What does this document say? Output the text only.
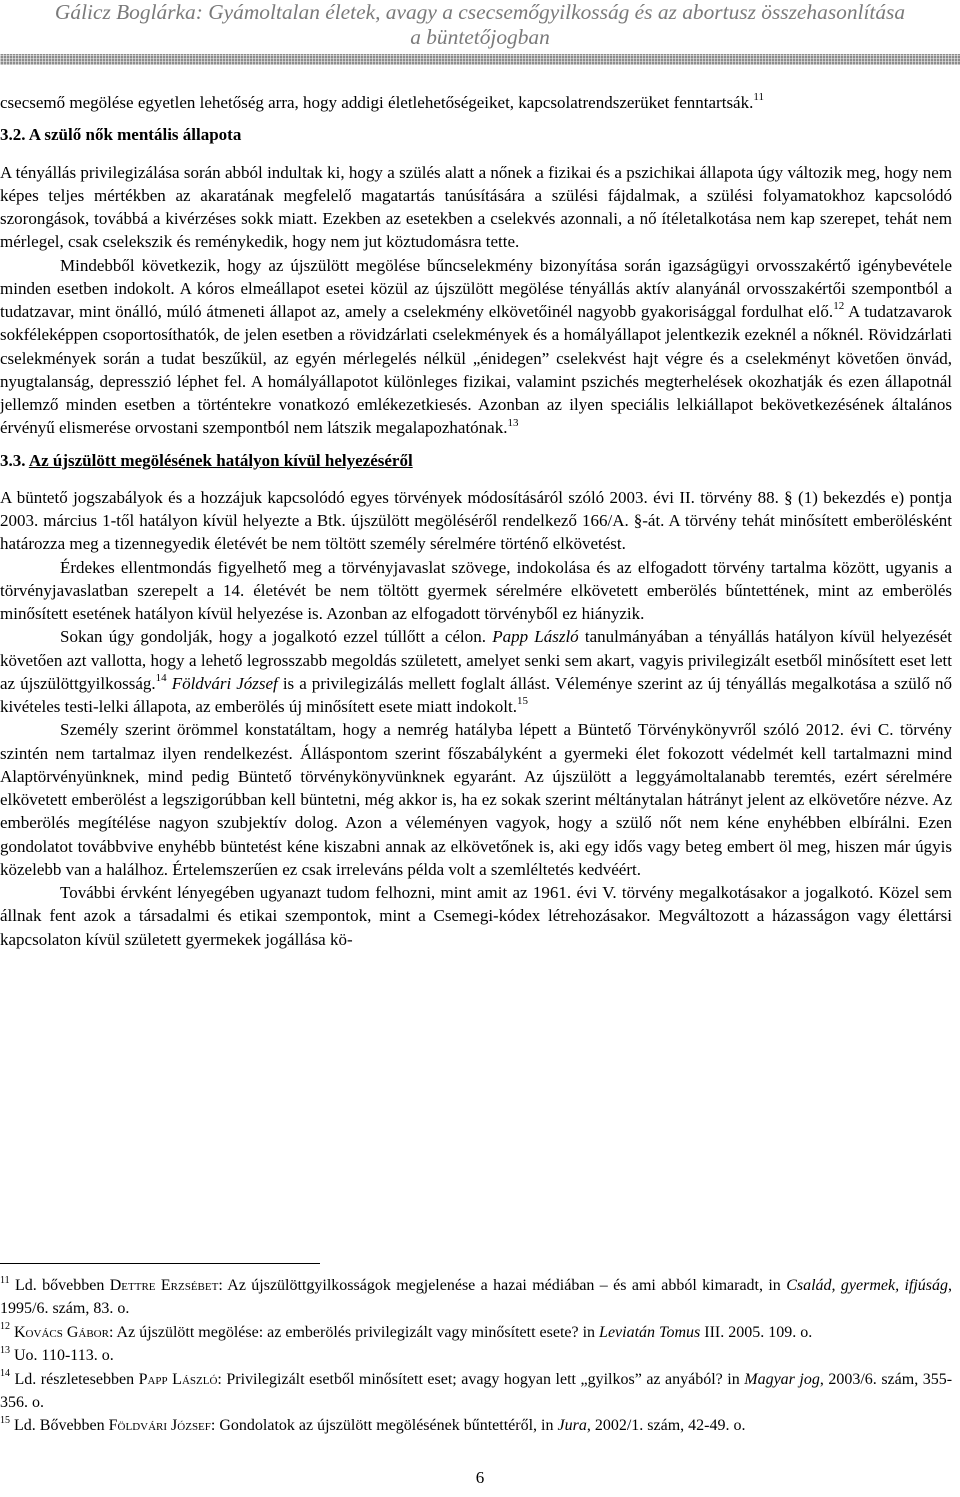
Gálicz Boglárka: Gyámoltalan életek, avagy a csecsemőgyilkosság és az abortusz összehasonlítása
a büntetőjogban

csecsemő megölése egyetlen lehetőség arra, hogy addigi életlehetőségeiket, kapcsolatrendszerüket fenntartsák.$^{11}$

3.2. A szülő nők mentális állapota

A tényállás privilegizálása során abból indultak ki, hogy a szülés alatt a nőnek a fizikai és a pszichikai állapota úgy változik meg, hogy nem képes teljes mértékben az akaratának megfelelő magatartás tanúsítására a szülési fájdalmak, a szülési folyamatokhoz kapcsolódó szorongások, továbbá a kivérzéses sokk miatt. Ezekben az esetekben a cselekvés azonnali, a nő ítéletalkotása nem kap szerepet, tehát nem mérlegel, csak cselekszik és reménykedik, hogy nem jut köztudomásra tette.

Mindebből következik, hogy az újszülött megölése bűncselekmény bizonyítása során igazságügyi orvosszakértő igénybevétele minden esetben indokolt. A kóros elmeállapot esetei közül az újszülött megölése tényállás aktív alanyánál orvosszakértői szempontból a tudatzavar, mint önálló, múló átmeneti állapot az, amely a cselekmény elkövetőinél nagyobb gyakorisággal fordulhat elő.$^{12}$ A tudatzavarok sokféleképpen csoportosíthatók, de jelen esetben a rövidzárlati cselekmények és a homályállapot jelentkezik ezeknél a nőknél. Rövidzárlati cselekmények során a tudat beszűkül, az egyén mérlegelés nélkül „énidegen” cselekvést hajt végre és a cselekményt követően önvád, nyugtalanság, depresszió léphet fel. A homályállapotot különleges fizikai, valamint pszichés megterhelések okozhatják és ezen állapotnál jellemző minden esetben a történtekre vonatkozó emlékezetkiesés. Azonban az ilyen speciális lelkiállapot bekövetkezésének általános érvényű elismerése orvostani szempontból nem látszik megalapozhatónak.$^{13}$

3.3. Az újszülött megölésének hatályon kívül helyezéséről

A büntető jogszabályok és a hozzájuk kapcsolódó egyes törvények módosításáról szóló 2003. évi II. törvény 88. § (1) bekezdés e) pontja 2003. március 1-től hatályon kívül helyezte a Btk. újszülött megöléséről rendelkező 166/A. §-át. A törvény tehát minősített emberölésként határozza meg a tizennegyedik életévét be nem töltött személy sérelmére történő elkövetést.

Érdekes ellentmondás figyelhető meg a törvényjavaslat szövege, indokolása és az elfogadott törvény tartalma között, ugyanis a törvényjavaslatban szerepelt a 14. életévét be nem töltött gyermek sérelmére elkövetett emberölés bűntettének, mint az emberölés minősített esetének hatályon kívül helyezése is. Azonban az elfogadott törvényből ez hiányzik.

Sokan úgy gondolják, hogy a jogalkotó ezzel túllőtt a célon. Papp László tanulmányában a tényállás hatályon kívül helyezését követően azt vallotta, hogy a lehető legrosszabb megoldás született, amelyet senki sem akart, vagyis privilegizált esetből minősített eset lett az újszülöttgyilkosság.$^{14}$ Földvári József is a privilegizálás mellett foglalt állást. Véleménye szerint az új tényállás megalkotása a szülő nő kivételes testi-lelki állapota, az emberölés új minősített esete miatt indokolt.$^{15}$

Személy szerint örömmel konstatáltam, hogy a nemrég hatályba lépett a Büntető Törvénykönyvről szóló 2012. évi C. törvény szintén nem tartalmaz ilyen rendelkezést. Álláspontom szerint főszabályként a gyermeki élet fokozott védelmét kell tartalmazni mind Alaptörvényünknek, mind pedig Büntető törvénykönyvünknek egyaránt. Az újszülött a leggyámoltalanabb teremtés, ezért sérelmére elkövetett emberölést a legszigorúbban kell büntetni, még akkor is, ha ez sokak szerint méltánytalan hátrányt jelent az elkövetőre nézve. Az emberölés megítélése nagyon szubjektív dolog. Azon a véleményen vagyok, hogy a szülő nőt nem kéne enyhébben elbírálni. Ezen gondolatot továbbvive enyhébb büntetést kéne kiszabni annak az elkövetőnek is, aki egy idős vagy beteg embert öl meg, hiszen már úgyis közelebb van a halálhoz. Értelemszerűen ez csak irreleváns példa volt a szemléltetés kedvéért.

További érvként lényegében ugyanazt tudom felhozni, mint amit az 1961. évi V. törvény megalkotásakor a jogalkotó. Közel sem állnak fent azok a társadalmi és etikai szempontok, mint a Csemegi-kódex létrehozásakor. Megváltozott a házasságon vagy élettársi kapcsolaton kívül született gyermekek jogállása kö-

$^{11}$ Ld. bővebben Dettre Erzsébet: Az újszülöttgyilkosságok megjelenése a hazai médiában – és ami abból kimaradt, in Család, gyermek, ifjúság, 1995/6. szám, 83. o.

$^{12}$ Kovács Gábor: Az újszülött megölése: az emberölés privilegizált vagy minősített esete? in Leviatán Tomus III. 2005. 109. o.

$^{13}$ Uo. 110-113. o.

$^{14}$ Ld. részletesebben Papp László: Privilegizált esetből minősített eset; avagy hogyan lett „gyilkos” az anyából? in Magyar jog, 2003/6. szám, 355-356. o.

$^{15}$ Ld. Bővebben Földvári József: Gondolatok az újszülött megölésének bűntettéről, in Jura, 2002/1. szám, 42-49. o.

6
